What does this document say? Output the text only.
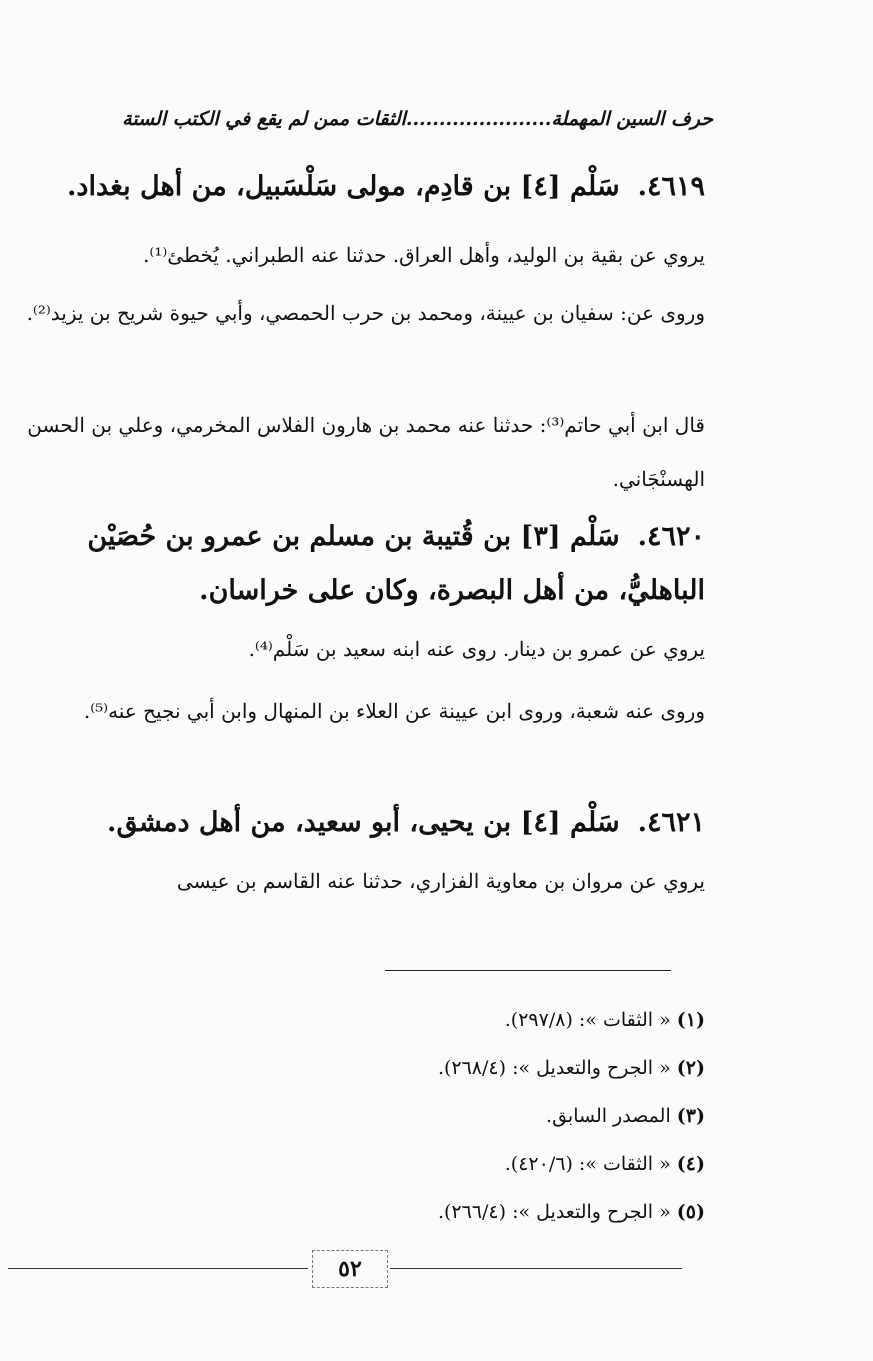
حرف السين المهملة......................الثقات ممن لم يقع في الكتب الستة
٤٦١٩.سَلْم [٤] بن قادِم، مولى سَلْسَبيل، من أهل بغداد.
يروي عن بقية بن الوليد، وأهل العراق. حدثنا عنه الطبراني. يُخطئ⁽¹⁾.
وروى عن: سفيان بن عيينة، ومحمد بن حرب الحمصي، وأبي حيوة شريح بن يزيد⁽²⁾.
قال ابن أبي حاتم⁽³⁾: حدثنا عنه محمد بن هارون الفلاس المخرمي، وعلي بن الحسن الهسنْجَاني.
٤٦٢٠.سَلْم [٣] بن قُتيبة بن مسلم بن عمرو بن حُصَيْن الباهليُّ، من أهل البصرة، وكان على خراسان.
يروي عن عمرو بن دينار. روى عنه ابنه سعيد بن سَلْم⁽⁴⁾.
وروى عنه شعبة، وروى ابن عيينة عن العلاء بن المنهال وابن أبي نجيح عنه⁽⁵⁾.
٤٦٢١.سَلْم [٤] بن يحيى، أبو سعيد، من أهل دمشق.
يروي عن مروان بن معاوية الفزاري، حدثنا عنه القاسم بن عيسى
(١) « الثقات »: (٢٩٧/٨).
(٢) « الجرح والتعديل »: (٢٦٨/٤).
(٣) المصدر السابق.
(٤) « الثقات »: (٤٢٠/٦).
(٥) « الجرح والتعديل »: (٢٦٦/٤).
٥٢
